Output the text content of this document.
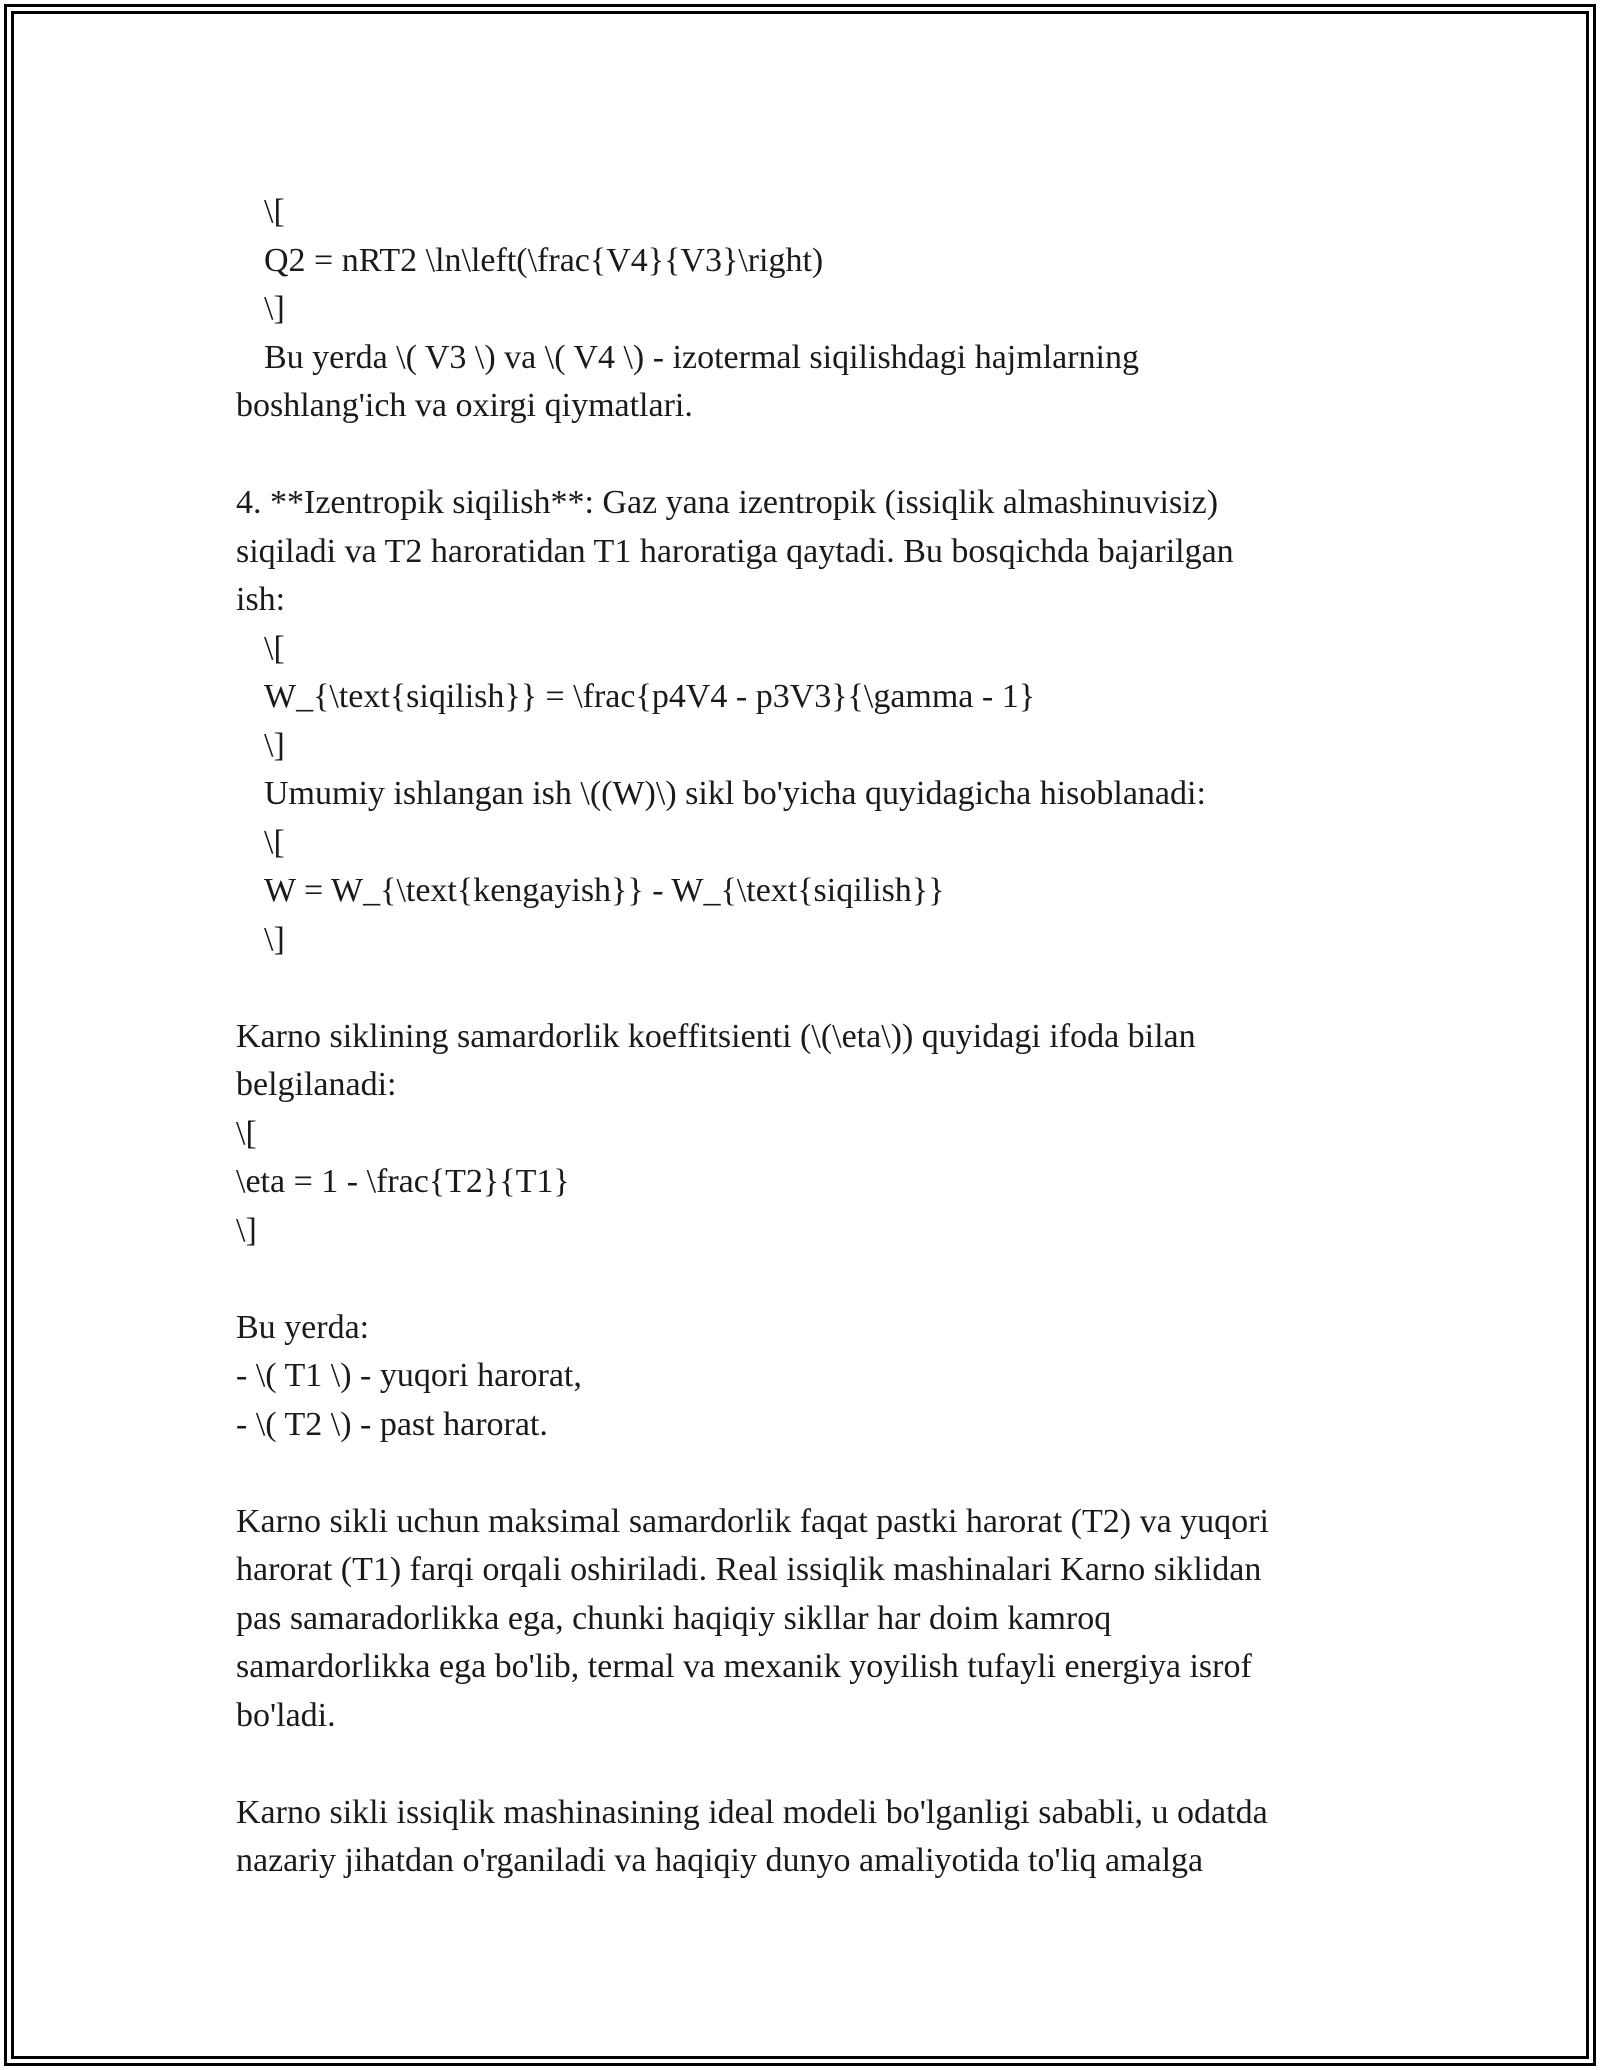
\[
Q2 = nRT2 \ln\left(\frac{V4}{V3}\right)
\]
Bu yerda \( V3 \) va \( V4 \) - izotermal siqilishdagi hajmlarning
boshlang'ich va oxirgi qiymatlari.
4. **Izentropik siqilish**: Gaz yana izentropik (issiqlik almashinuvisiz)
siqiladi va T2 haroratidan T1 haroratiga qaytadi. Bu bosqichda bajarilgan
ish:
\[
W_{\text{siqilish}} = \frac{p4V4 - p3V3}{\gamma - 1}
\]
Umumiy ishlangan ish \((W)\) sikl bo'yicha quyidagicha hisoblanadi:
\[
W = W_{\text{kengayish}} - W_{\text{siqilish}}
\]
Karno siklining samardorlik koeffitsienti (\(\eta\)) quyidagi ifoda bilan
belgilanadi:
\[
\eta = 1 - \frac{T2}{T1}
\]
Bu yerda:
- \( T1 \) - yuqori harorat,
- \( T2 \) - past harorat.
Karno sikli uchun maksimal samardorlik faqat pastki harorat (T2) va yuqori
harorat (T1) farqi orqali oshiriladi. Real issiqlik mashinalari Karno siklidan
pas samaradorlikka ega, chunki haqiqiy sikllar har doim kamroq
samardorlikka ega bo'lib, termal va mexanik yoyilish tufayli energiya isrof
bo'ladi.
Karno sikli issiqlik mashinasining ideal modeli bo'lganligi sababli, u odatda
nazariy jihatdan o'rganiladi va haqiqiy dunyo amaliyotida to'liq amalga
